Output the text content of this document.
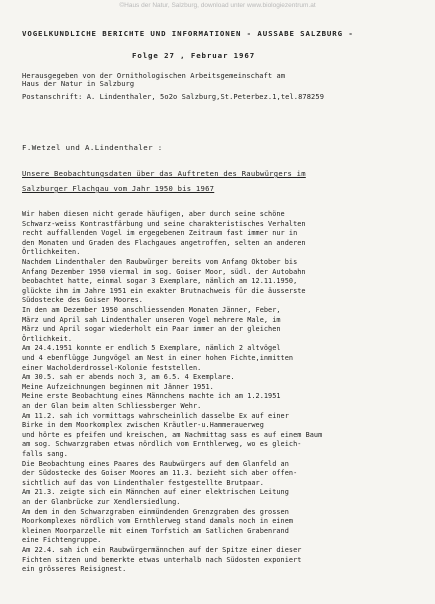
©Haus der Natur, Salzburg, download unter www.biologiezentrum.at
VOGELKUNDLICHE BERICHTE UND INFORMATIONEN - AUSSABE SALZBURG -
Folge 27 , Februar 1967
Herausgegeben von der Ornithologischen Arbeitsgemeinschaft am
Haus der Natur in Salzburg
Postanschrift: A. Lindenthaler, 5o2o Salzburg,St.Peterbez.1,tel.878259
F.Wetzel und A.Lindenthaler :
Unsere Beobachtungsdaten über das Auftreten des Raubwürgers im
Salzburger Flachgau vom Jahr 1950 bis 1967
Wir haben diesen nicht gerade häufigen, aber durch seine schöne
Schwarz-weiss Kontrastfärbung und seine charakteristisches Verhalten
recht auffallenden Vogel im ergegebenen Zeitraum fast immer nur in
den Monaten und Graden des Flachgaues angetroffen, selten an anderen
Örtlichkeiten.
Nachdem Lindenthaler den Raubwürger bereits vom Anfang Oktober bis
Anfang Dezember 1950 viermal im sog. Goiser Moor, südl. der Autobahn
beobachtet hatte, einmal sogar 3 Exemplare, nämlich am 12.11.1950,
glückte ihm im Jahre 1951 ein exakter Brutnachweis für die äusserste
Südostecke des Goiser Moores.
In den am Dezember 1950 anschliessenden Monaten Jänner, Feber,
März und April sah Lindenthaler unseren Vogel mehrere Male, im
März und April sogar wiederholt ein Paar immer an der gleichen
Örtlichkeit.
Am 24.4.1951 konnte er endlich 5 Exemplare, nämlich 2 altvögel
und 4 ebenflügge Jungvögel am Nest in einer hohen Fichte,inmitten
einer Wacholderdrossel-Kolonie feststellen.
Am 30.5. sah er abends noch 3, am 6.5. 4 Exemplare.
Meine Aufzeichnungen beginnen mit Jänner 1951.
Meine erste Beobachtung eines Männchens machte ich am 1.2.1951
an der Glan beim alten Schliessberger Wehr.
Am 11.2. sah ich vormittags wahrscheinlich dasselbe Ex auf einer
Birke in dem Moorkomplex zwischen Kräutler-u.Hammerauerweg
und hörte es pfeifen und kreischen, am Nachmittag sass es auf einem Baum
am sog. Schwarzgraben etwas nördlich vom Ernthlerweg, wo es gleich-
falls sang.
Die Beobachtung eines Paares des Raubwürgers auf dem Glanfeld an
der Südostecke des Goiser Moores am 11.3. bezieht sich aber offen-
sichtlich auf das von Lindenthaler festgestellte Brutpaar.
Am 21.3. zeigte sich ein Männchen auf einer elektrischen Leitung
an der Glanbrücke zur Xendlersiedlung.
Am dem in den Schwarzgraben einmündenden Grenzgraben des grossen
Moorkomplexes nördlich vom Ernthlerweg stand damals noch in einem
kleinen Moorparzelle mit einem Torfstich am Satlichen Grabenrand
eine Fichtengruppe.
Am 22.4. sah ich ein Raubwürgermännchen auf der Spitze einer dieser
Fichten sitzen und bemerkte etwas unterhalb nach Südosten exponiert
ein grösseres Reisignest.
